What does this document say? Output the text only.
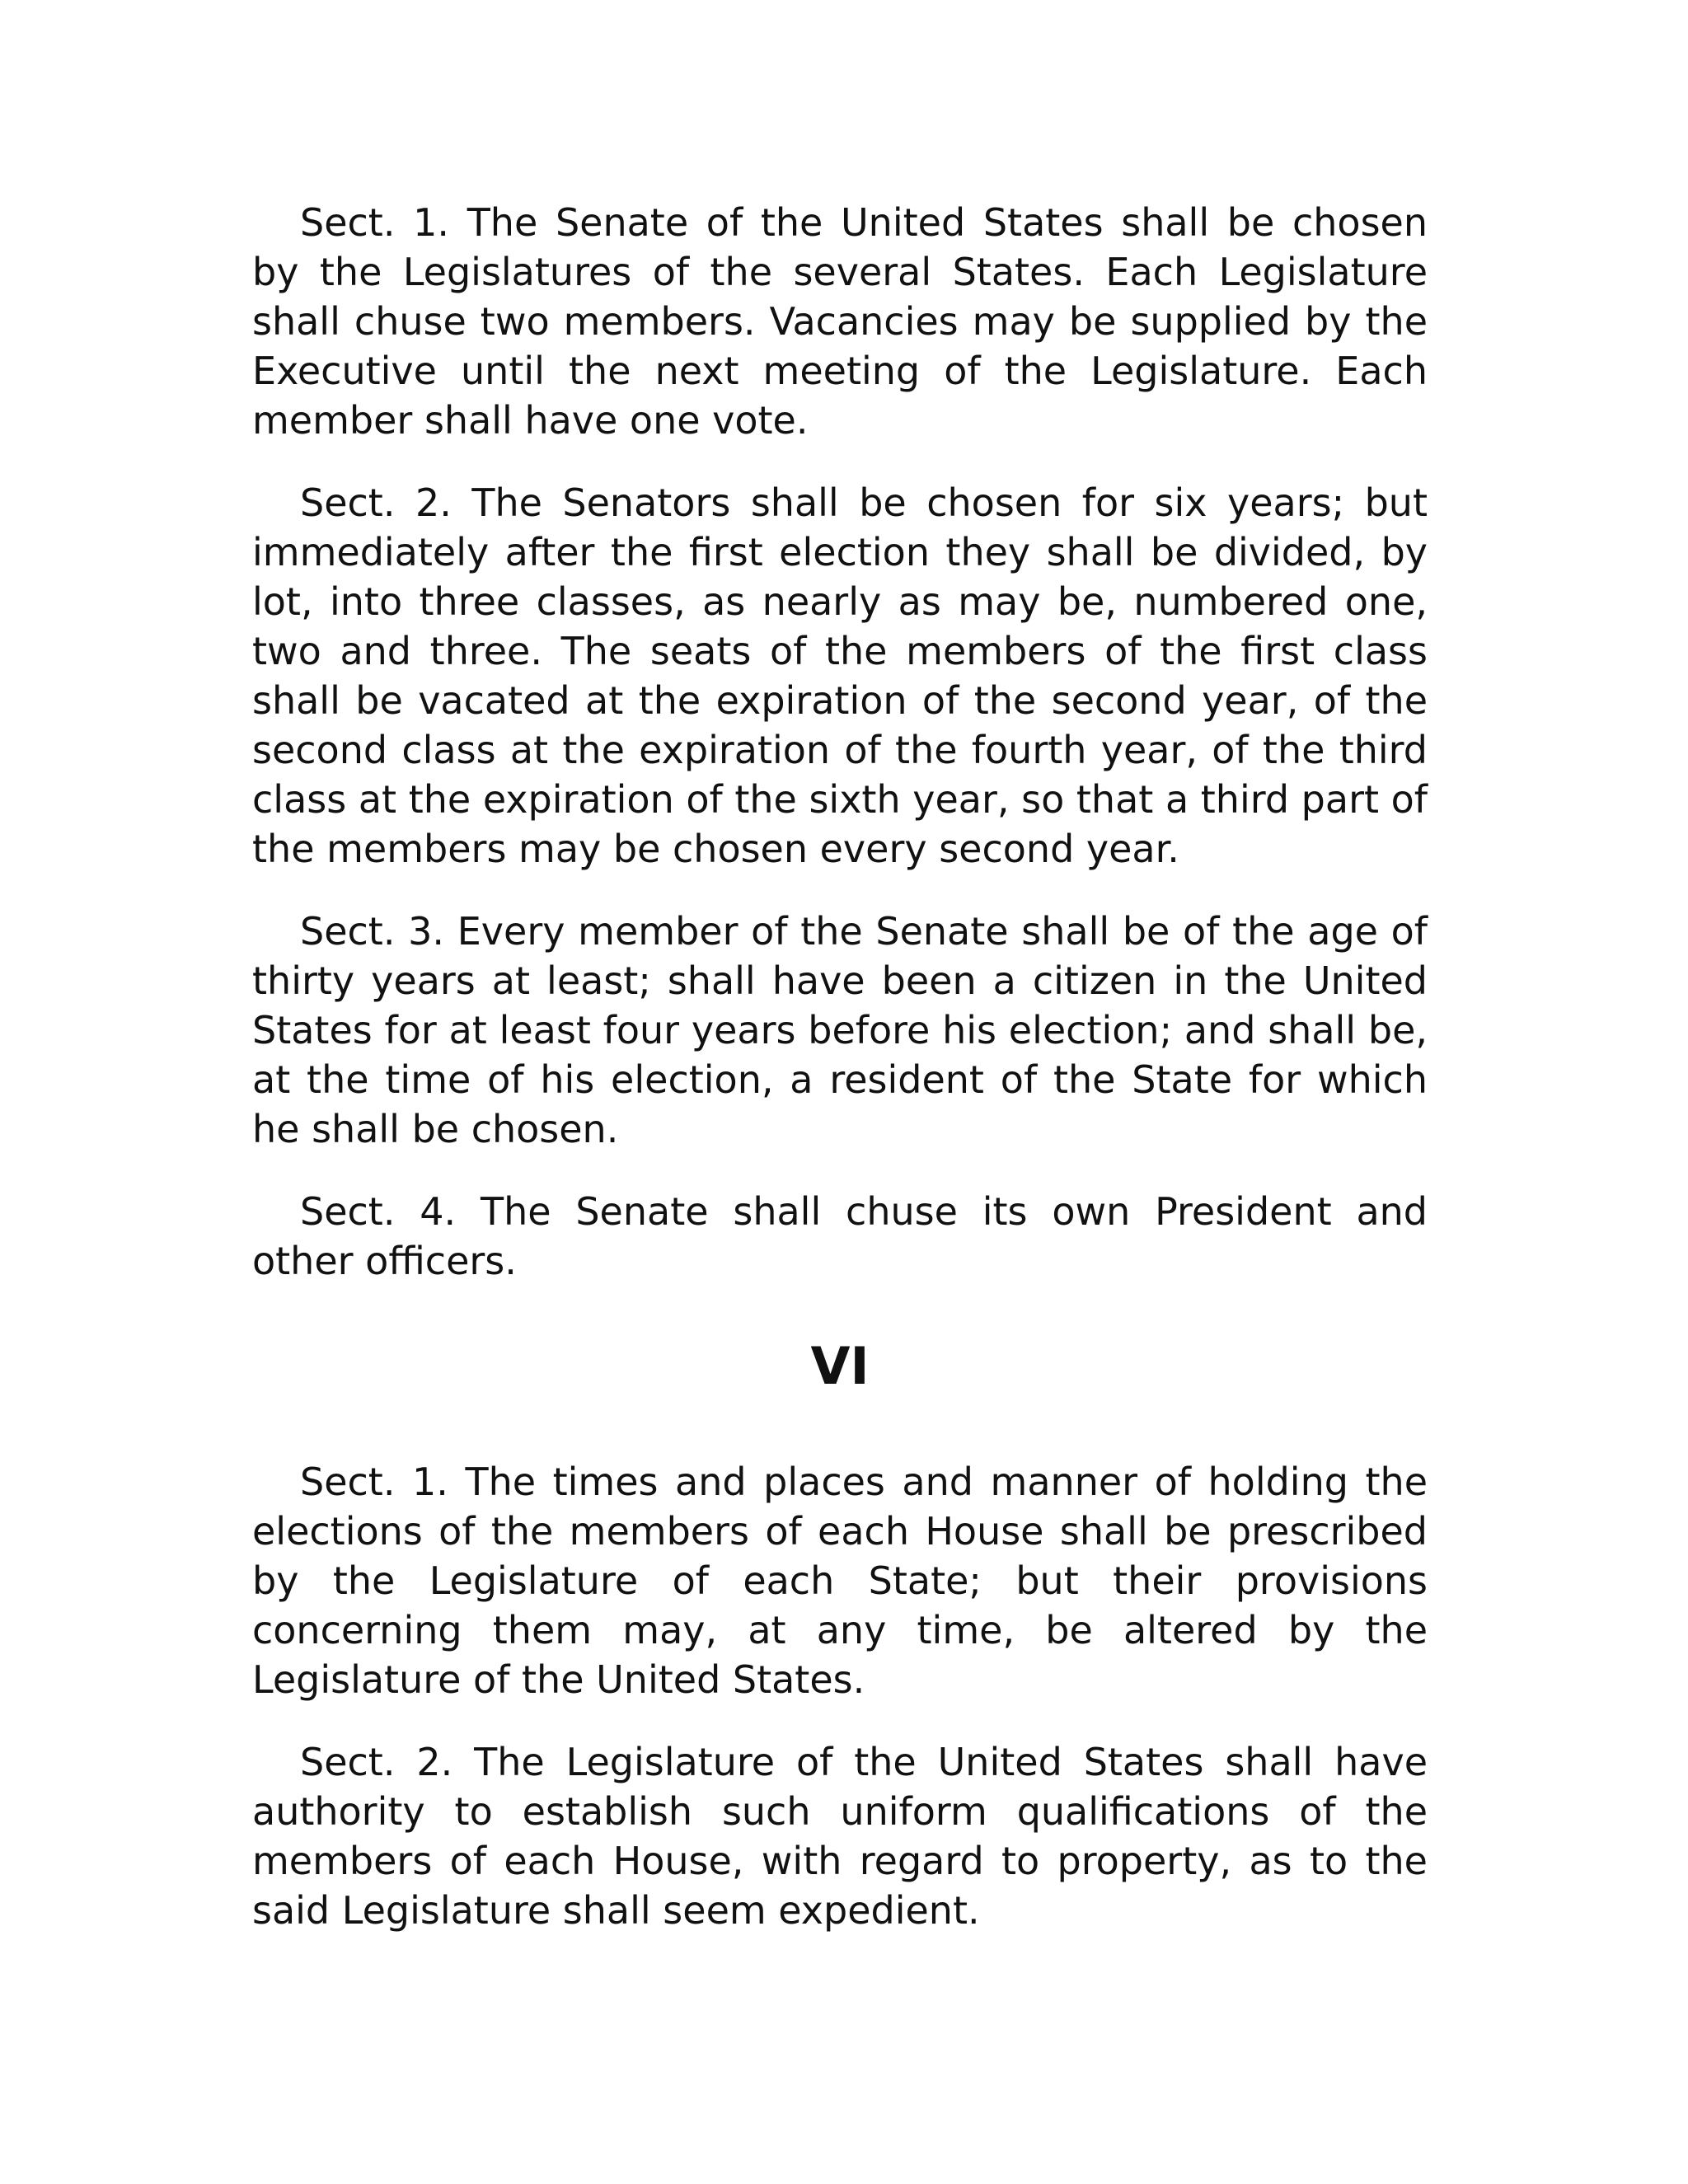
Sect. 1. The Senate of the United States shall be chosen by the Legislatures of the several States. Each Legislature shall chuse two members. Vacancies may be supplied by the Executive until the next meeting of the Legislature. Each member shall have one vote.

Sect. 2. The Senators shall be chosen for six years; but immediately after the first election they shall be divided, by lot, into three classes, as nearly as may be, numbered one, two and three. The seats of the members of the first class shall be vacated at the expiration of the second year, of the second class at the expiration of the fourth year, of the third class at the expiration of the sixth year, so that a third part of the members may be chosen every second year.

Sect. 3. Every member of the Senate shall be of the age of thirty years at least; shall have been a citizen in the United States for at least four years before his election; and shall be, at the time of his election, a resident of the State for which he shall be chosen.

Sect. 4. The Senate shall chuse its own President and other officers.

VI

Sect. 1. The times and places and manner of holding the elections of the members of each House shall be prescribed by the Legislature of each State; but their provisions concerning them may, at any time, be altered by the Legislature of the United States.

Sect. 2. The Legislature of the United States shall have authority to establish such uniform qualifications of the members of each House, with regard to property, as to the said Legislature shall seem expedient.
